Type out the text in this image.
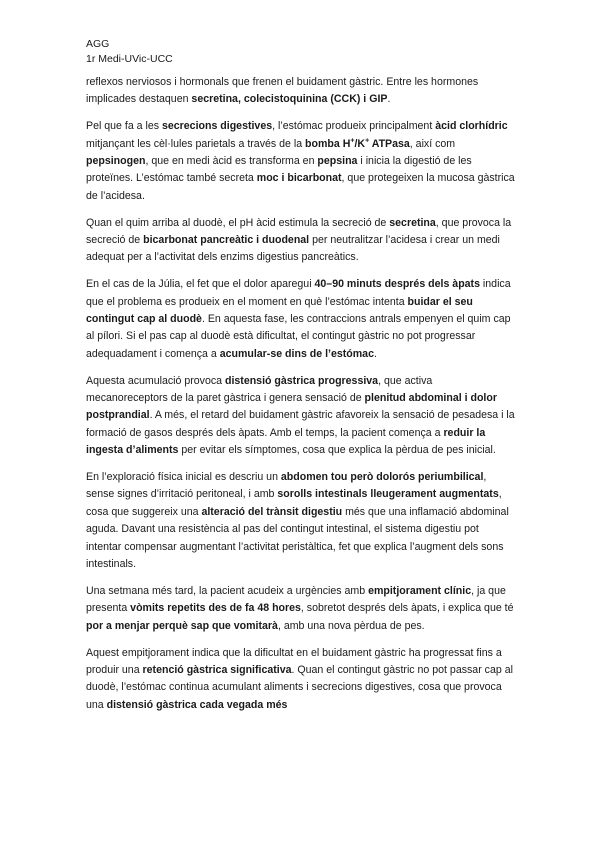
AGG
1r Medi-UVic-UCC

reflexos nerviosos i hormonals que frenen el buidament gàstric. Entre les hormones implicades destaquen secretina, colecistoquinina (CCK) i GIP.

Pel que fa a les secrecions digestives, l’estómac produeix principalment àcid clorhídric mitjançant les cèl·lules parietals a través de la bomba H+/K+ ATPasa, així com pepsinogen, que en medi àcid es transforma en pepsina i inicia la digestió de les proteïnes. L’estómac també secreta moc i bicarbonat, que protegeixen la mucosa gàstrica de l’acidesa.

Quan el quim arriba al duodè, el pH àcid estimula la secreció de secretina, que provoca la secreció de bicarbonat pancreàtic i duodenal per neutralitzar l’acidesa i crear un medi adequat per a l’activitat dels enzims digestius pancreàtics.

En el cas de la Júlia, el fet que el dolor aparegui 40–90 minuts després dels àpats indica que el problema es produeix en el moment en què l’estómac intenta buidar el seu contingut cap al duodè. En aquesta fase, les contraccions antrals empenyen el quim cap al pílori. Si el pas cap al duodè està dificultat, el contingut gàstric no pot progressar adequadament i comença a acumular-se dins de l’estómac.

Aquesta acumulació provoca distensió gàstrica progressiva, que activa mecanoreceptors de la paret gàstrica i genera sensació de plenitud abdominal i dolor postprandial. A més, el retard del buidament gàstric afavoreix la sensació de pesadesa i la formació de gasos després dels àpats. Amb el temps, la pacient comença a reduir la ingesta d’aliments per evitar els símptomes, cosa que explica la pèrdua de pes inicial.

En l’exploració física inicial es descriu un abdomen tou però dolorós periumbilical, sense signes d’irritació peritoneal, i amb sorolls intestinals lleugerament augmentats, cosa que suggereix una alteració del trànsit digestiu més que una inflamació abdominal aguda. Davant una resistència al pas del contingut intestinal, el sistema digestiu pot intentar compensar augmentant l’activitat peristàltica, fet que explica l’augment dels sons intestinals.

Una setmana més tard, la pacient acudeix a urgències amb empitjorament clínic, ja que presenta vòmits repetits des de fa 48 hores, sobretot després dels àpats, i explica que té por a menjar perquè sap que vomitarà, amb una nova pèrdua de pes.

Aquest empitjorament indica que la dificultat en el buidament gàstric ha progressat fins a produir una retenció gàstrica significativa. Quan el contingut gàstric no pot passar cap al duodè, l’estómac continua acumulant aliments i secrecions digestives, cosa que provoca una distensió gàstrica cada vegada més
